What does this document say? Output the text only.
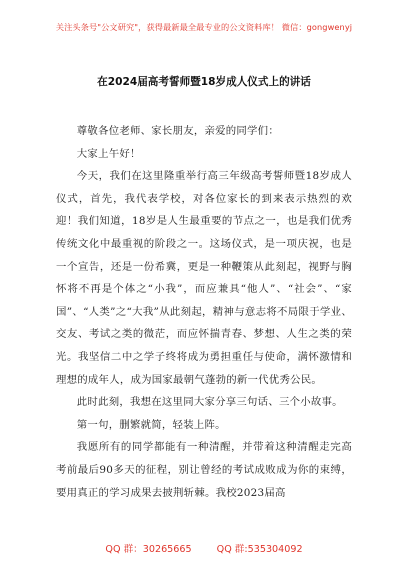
关注头条号"公文研究"，获得最新最全最专业的公文资料库！ 微信：gongwenyj
在2024届高考誓师暨18岁成人仪式上的讲话

尊敬各位老师、家长朋友，亲爱的同学们：

大家上午好！

今天，我们在这里隆重举行高三年级高考誓师暨18岁成人仪式，首先，我代表学校，对各位家长的到来表示热烈的欢迎！我们知道，18岁是人生最重要的节点之一，也是我们优秀传统文化中最重视的阶段之一。这场仪式，是一项庆祝，也是一个宣告，还是一份希冀，更是一种鞭策从此刻起，视野与胸怀将不再是个体之“小我”，而应兼具“他人”、“社会”、“家国”、“人类”之“大我”从此刻起，精神与意志将不局限于学业、交友、考试之类的微茫，而应怀揣青春、梦想、人生之类的荣光。我坚信二中之学子终将成为勇担重任与使命，满怀激情和理想的成年人，成为国家最朝气蓬勃的新一代优秀公民。

此时此刻，我想在这里同大家分享三句话、三个小故事。

第一句，删繁就简，轻装上阵。

我愿所有的同学都能有一种清醒，并带着这种清醒走完高考前最后90多天的征程，别让曾经的考试成败成为你的束缚，要用真正的学习成果去披荆斩棘。我校2023届高

QQ 群：30265665	QQ 群:535304092
